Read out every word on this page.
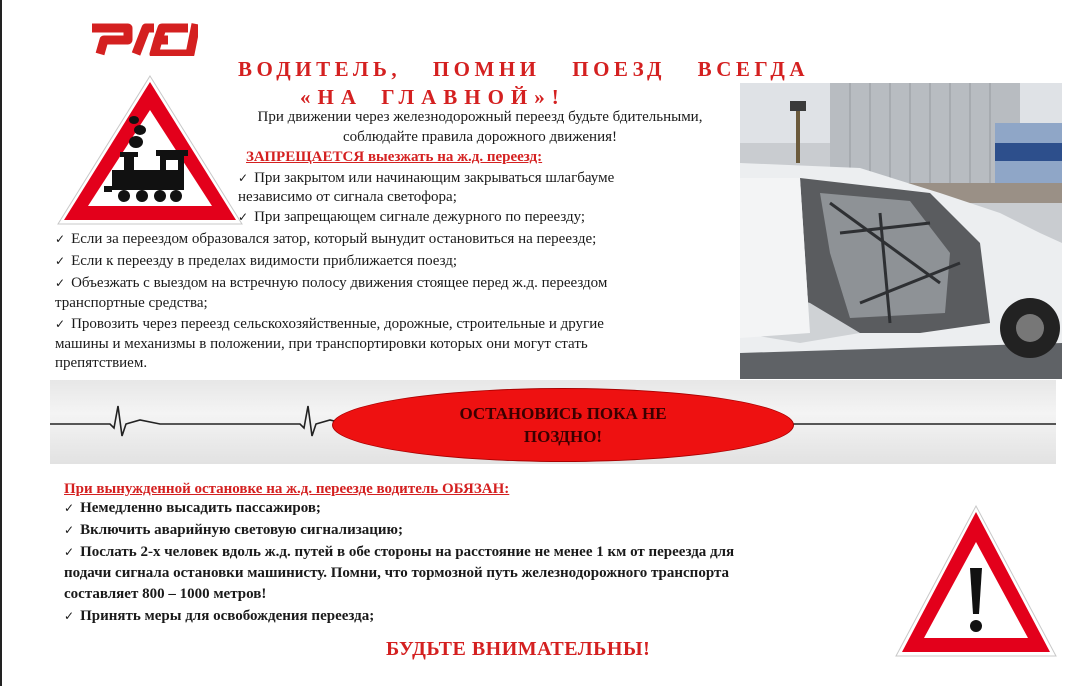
ВОДИТЕЛЬ, ПОМНИ ПОЕЗД ВСЕГДА
«НА ГЛАВНОЙ»!
При движении через железнодорожный переезд будьте бдительными, соблюдайте правила дорожного движения!
ЗАПРЕЩАЕТСЯ выезжать на ж.д. переезд:
✓ При закрытом или начинающим закрываться шлагбауме
независимо от сигнала светофора;
✓ При запрещающем сигнале дежурного по переезду;
✓ Если за переездом образовался затор, который вынудит остановиться на переезде;
✓ Если к переезду в пределах видимости приближается поезд;
✓ Объезжать с выездом на встречную полосу движения стоящее перед ж.д. переездом
транспортные средства;
✓ Провозить через переезд сельскохозяйственные, дорожные, строительные и другие
машины и механизмы в положении, при транспортировки которых они могут стать
препятствием.
ОСТАНОВИСЬ ПОКА НЕ ПОЗДНО!
При вынужденной остановке на ж.д. переезде водитель ОБЯЗАН:
✓ Немедленно высадить пассажиров;
✓ Включить аварийную световую сигнализацию;
✓ Послать 2-х человек вдоль ж.д. путей в обе стороны на расстояние не менее 1 км от переезда для
подачи сигнала остановки машинисту. Помни, что тормозной путь железнодорожного транспорта
составляет 800 – 1000 метров!
✓ Принять меры для освобождения переезда;
БУДЬТЕ ВНИМАТЕЛЬНЫ!
